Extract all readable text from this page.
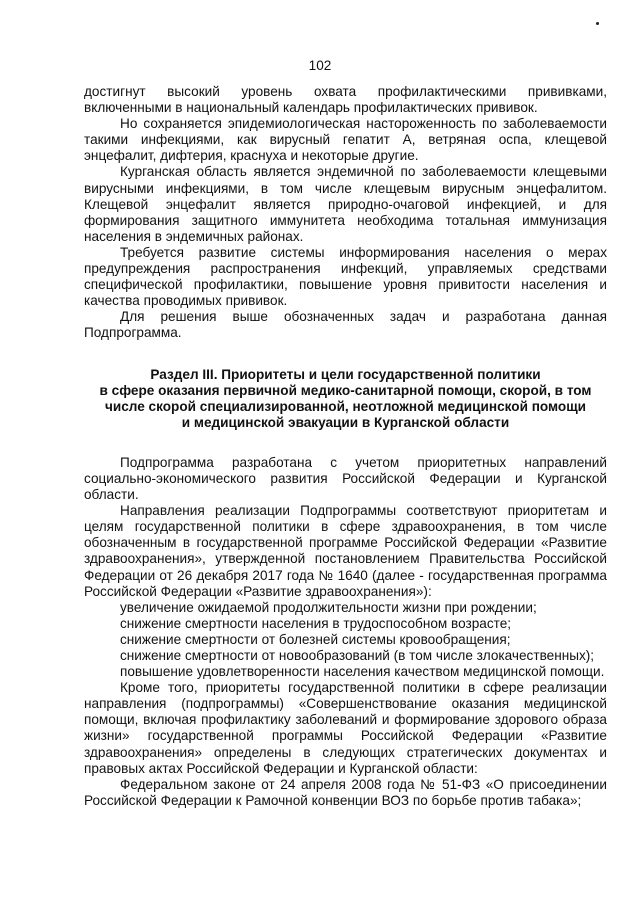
102

достигнут высокий уровень охвата профилактическими прививками, включенными в национальный календарь профилактических прививок.

Но сохраняется эпидемиологическая настороженность по заболеваемости такими инфекциями, как вирусный гепатит А, ветряная оспа, клещевой энцефалит, дифтерия, краснуха и некоторые другие.

Курганская область является эндемичной по заболеваемости клещевыми вирусными инфекциями, в том числе клещевым вирусным энцефалитом. Клещевой энцефалит является природно-очаговой инфекцией, и для формирования защитного иммунитета необходима тотальная иммунизация населения в эндемичных районах.

Требуется развитие системы информирования населения о мерах предупреждения распространения инфекций, управляемых средствами специфической профилактики, повышение уровня привитости населения и качества проводимых прививок.

Для решения выше обозначенных задач и разработана данная Подпрограмма.

Раздел III. Приоритеты и цели государственной политики
в сфере оказания первичной медико-санитарной помощи, скорой, в том
числе скорой специализированной, неотложной медицинской помощи
и медицинской эвакуации в Курганской области

Подпрограмма разработана с учетом приоритетных направлений социально-экономического развития Российской Федерации и Курганской области.

Направления реализации Подпрограммы соответствуют приоритетам и целям государственной политики в сфере здравоохранения, в том числе обозначенным в государственной программе Российской Федерации «Развитие здравоохранения», утвержденной постановлением Правительства Российской Федерации от 26 декабря 2017 года № 1640 (далее - государственная программа Российской Федерации «Развитие здравоохранения»):

увеличение ожидаемой продолжительности жизни при рождении;

снижение смертности населения в трудоспособном возрасте;

снижение смертности от болезней системы кровообращения;

снижение смертности от новообразований (в том числе злокачественных);

повышение удовлетворенности населения качеством медицинской помощи.

Кроме того, приоритеты государственной политики в сфере реализации направления (подпрограммы) «Совершенствование оказания медицинской помощи, включая профилактику заболеваний и формирование здорового образа жизни» государственной программы Российской Федерации «Развитие здравоохранения» определены в следующих стратегических документах и правовых актах Российской Федерации и Курганской области:

Федеральном законе от 24 апреля 2008 года № 51-ФЗ «О присоединении Российской Федерации к Рамочной конвенции ВОЗ по борьбе против табака»;
